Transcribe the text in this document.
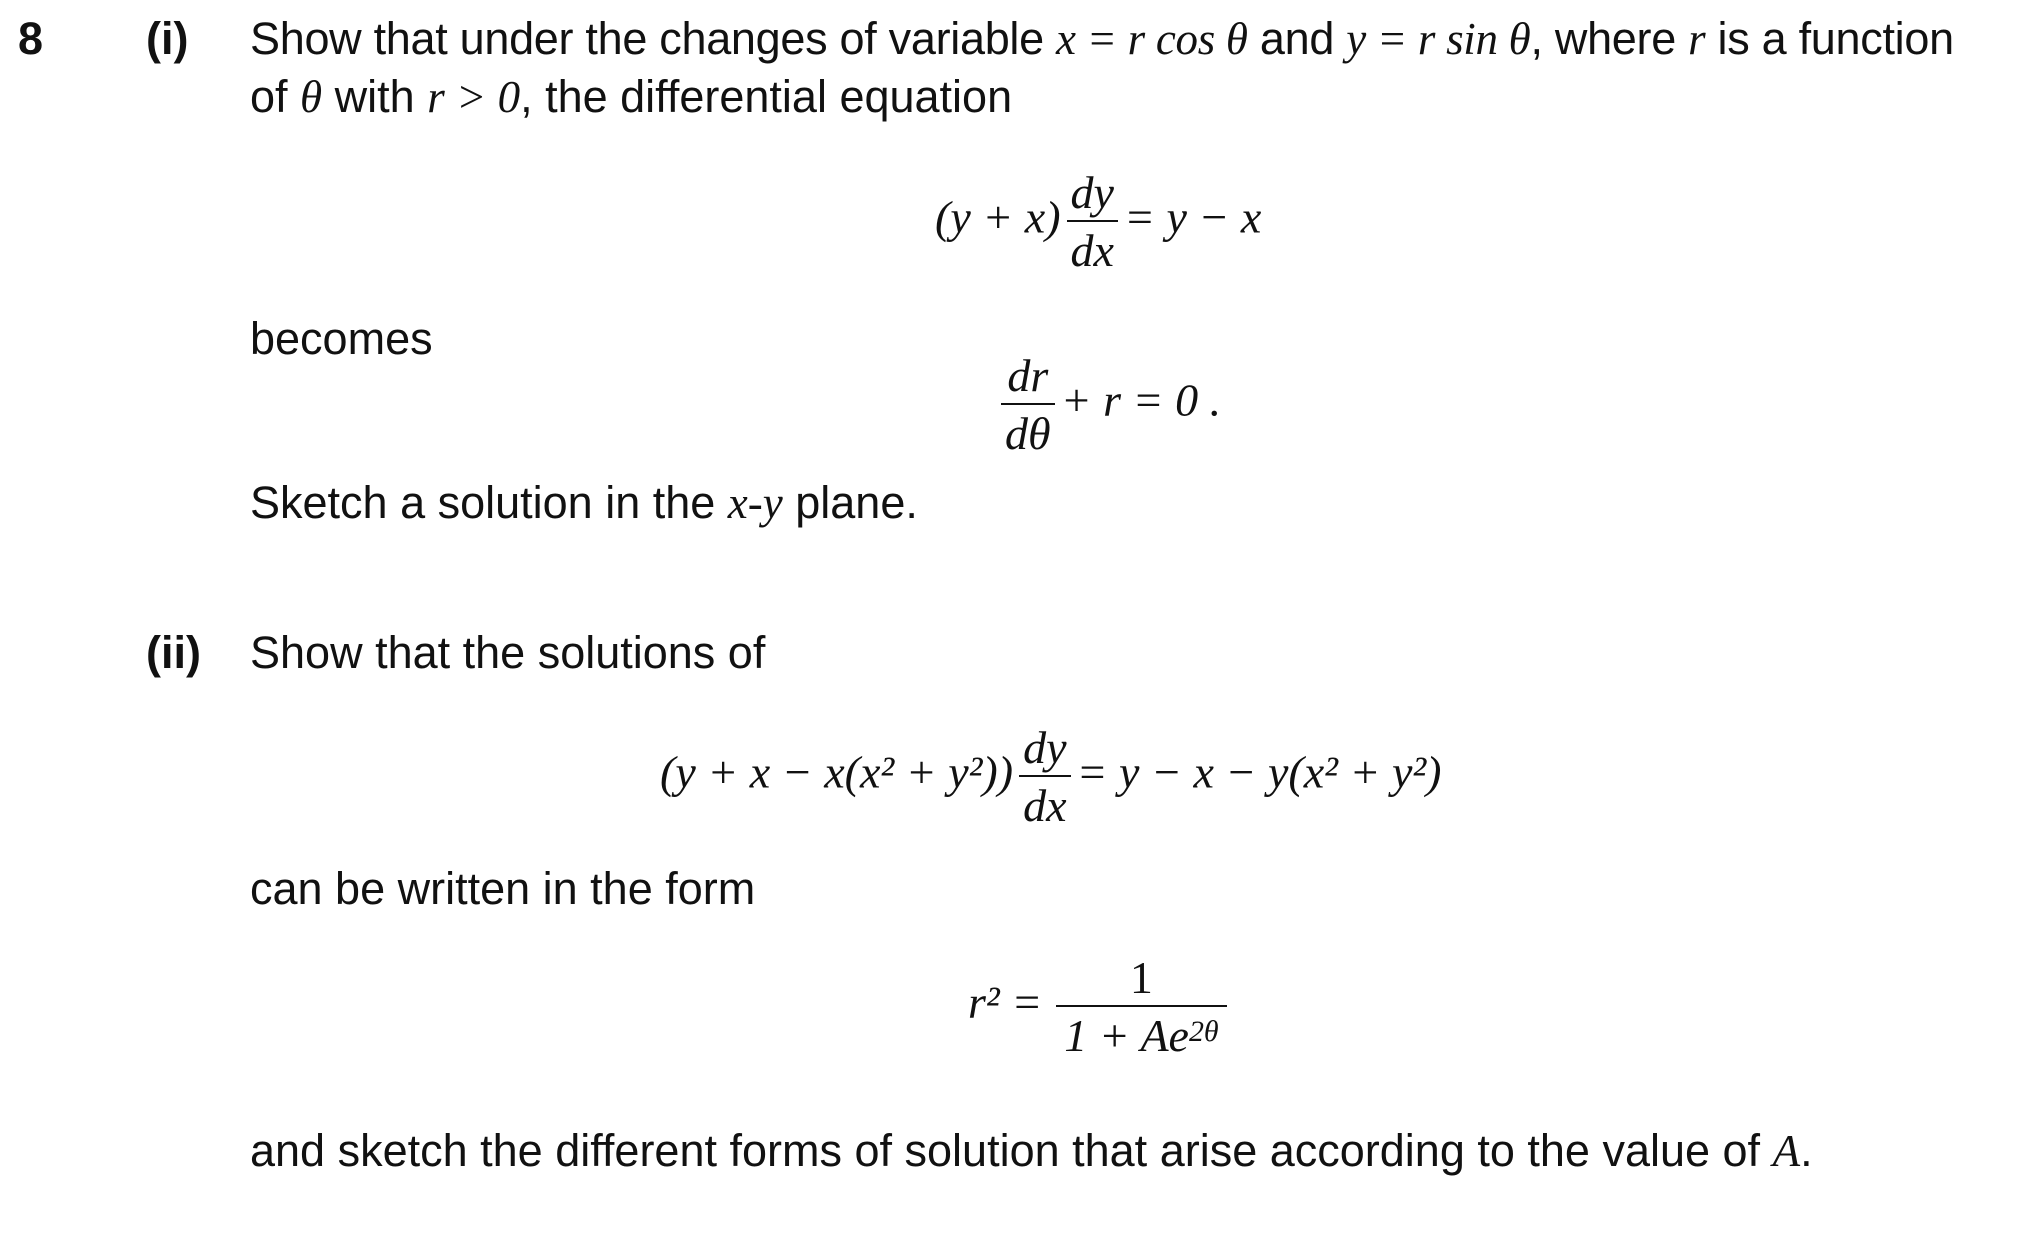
8 (i) Show that under the changes of variable x = r cos θ and y = r sin θ, where r is a function
of θ with r > 0, the differential equation
$(y + x) \frac{dy}{dx} = y - x$
becomes
$\frac{dr}{d\theta} + r = 0$ .
Sketch a solution in the x-y plane.
(ii) Show that the solutions of
$(y + x - x(x^2 + y^2)) \frac{dy}{dx} = y - x - y(x^2 + y^2)$
can be written in the form
$r^2 = \frac{1}{1 + Ae^{2\theta}}$
and sketch the different forms of solution that arise according to the value of A.
